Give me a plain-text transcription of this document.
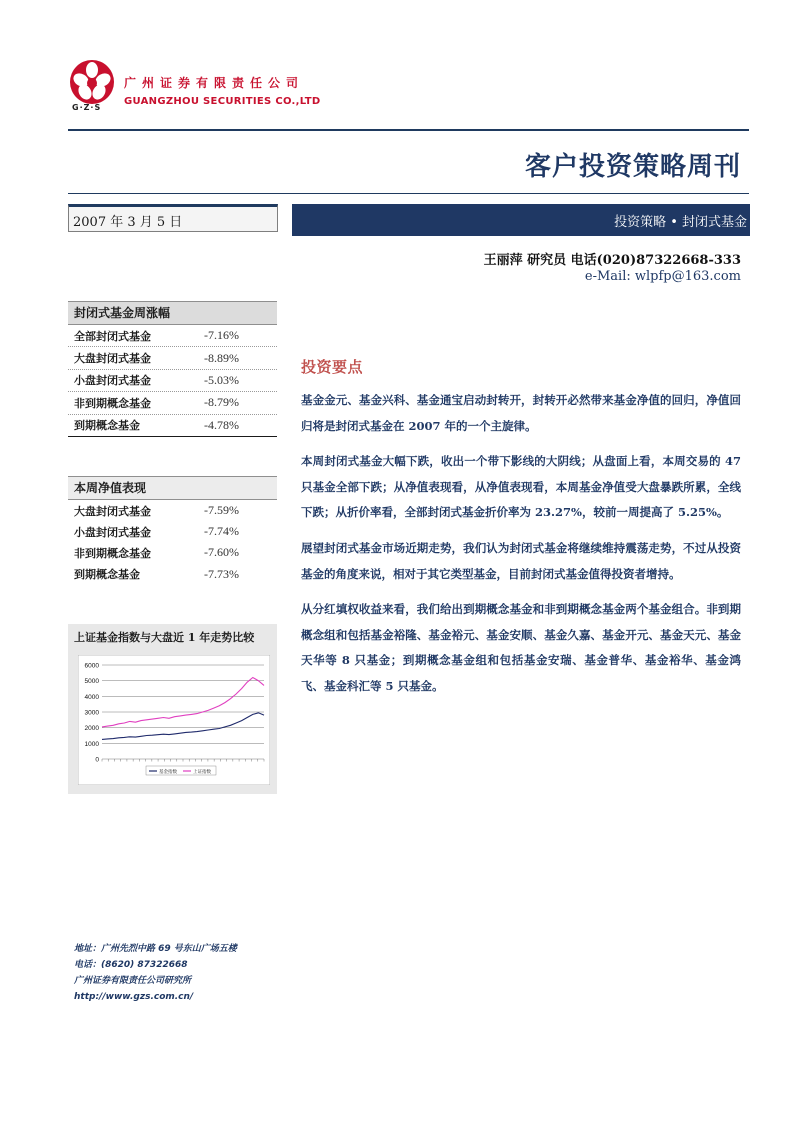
G·Z·S
广州证券有限责任公司
GUANGZHOU SECURITIES CO.,LTD
客户投资策略周刊
2007 年 3 月 5 日	投资策略 • 封闭式基金
王丽萍 研究员 电话(020)87322668-333
e-Mail: wlpfp@163.com
封闭式基金周涨幅
全部封闭式基金	-7.16%
大盘封闭式基金	-8.89%
小盘封闭式基金	-5.03%
非到期概念基金	-8.79%
到期概念基金	-4.78%
本周净值表现
大盘封闭式基金	-7.59%
小盘封闭式基金	-7.74%
非到期概念基金	-7.60%
到期概念基金	-7.73%
上证基金指数与大盘近 1 年走势比较
6000
5000
4000
3000
2000
1000
0
基金指数	上证指数
投资要点

基金金元、基金兴科、基金通宝启动封转开，封转开必然带来基金净值的回归，净值回归将是封闭式基金在 2007 年的一个主旋律。

本周封闭式基金大幅下跌，收出一个带下影线的大阴线；从盘面上看，本周交易的 47 只基金全部下跌；从净值表现看，从净值表现看，本周基金净值受大盘暴跌所累，全线下跌；从折价率看，全部封闭式基金折价率为 23.27%，较前一周提高了 5.25%。

展望封闭式基金市场近期走势，我们认为封闭式基金将继续维持震荡走势，不过从投资基金的角度来说，相对于其它类型基金，目前封闭式基金值得投资者增持。

从分红填权收益来看，我们给出到期概念基金和非到期概念基金两个基金组合。非到期概念组和包括基金裕隆、基金裕元、基金安顺、基金久嘉、基金开元、基金天元、基金天华等 8 只基金；到期概念基金组和包括基金安瑞、基金普华、基金裕华、基金鸿飞、基金科汇等 5 只基金。

地址：广州先烈中路 69 号东山广场五楼
电话：(8620) 87322668
广州证券有限责任公司研究所
http://www.gzs.com.cn/
